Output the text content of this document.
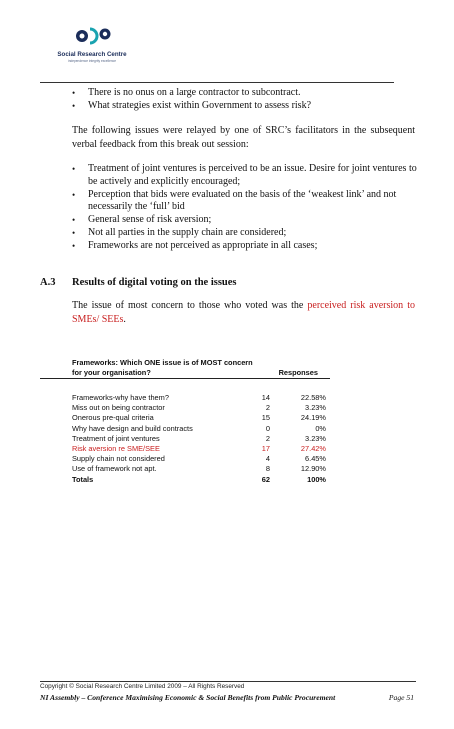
Social Research Centre
independence integrity excellence
• There is no onus on a large contractor to subcontract.
• What strategies exist within Government to assess risk?

The following issues were relayed by one of SRC’s facilitators in the subsequent verbal feedback from this break out session:

• Treatment of joint ventures is perceived to be an issue. Desire for joint ventures to be actively and explicitly encouraged;
• Perception that bids were evaluated on the basis of the ‘weakest link’ and not necessarily the ‘full’ bid
• General sense of risk aversion;
• Not all parties in the supply chain are considered;
• Frameworks are not perceived as appropriate in all cases;
A.3 Results of digital voting on the issues

The issue of most concern to those who voted was the perceived risk aversion to SMEs/ SEEs.

Frameworks: Which ONE issue is of MOST concern
for your organisation?	Responses
Frameworks-why have them?	14	22.58%
Miss out on being contractor	2	3.23%
Onerous pre-qual criteria	15	24.19%
Why have design and build contracts	0	0%
Treatment of joint ventures	2	3.23%
Risk aversion re SME/SEE	17	27.42%
Supply chain not considered	4	6.45%
Use of framework not apt.	8	12.90%
Totals	62	100%
Copyright © Social Research Centre Limited 2009 – All Rights Reserved
NI Assembly – Conference Maximising Economic & Social Benefits from Public Procurement	Page 51
